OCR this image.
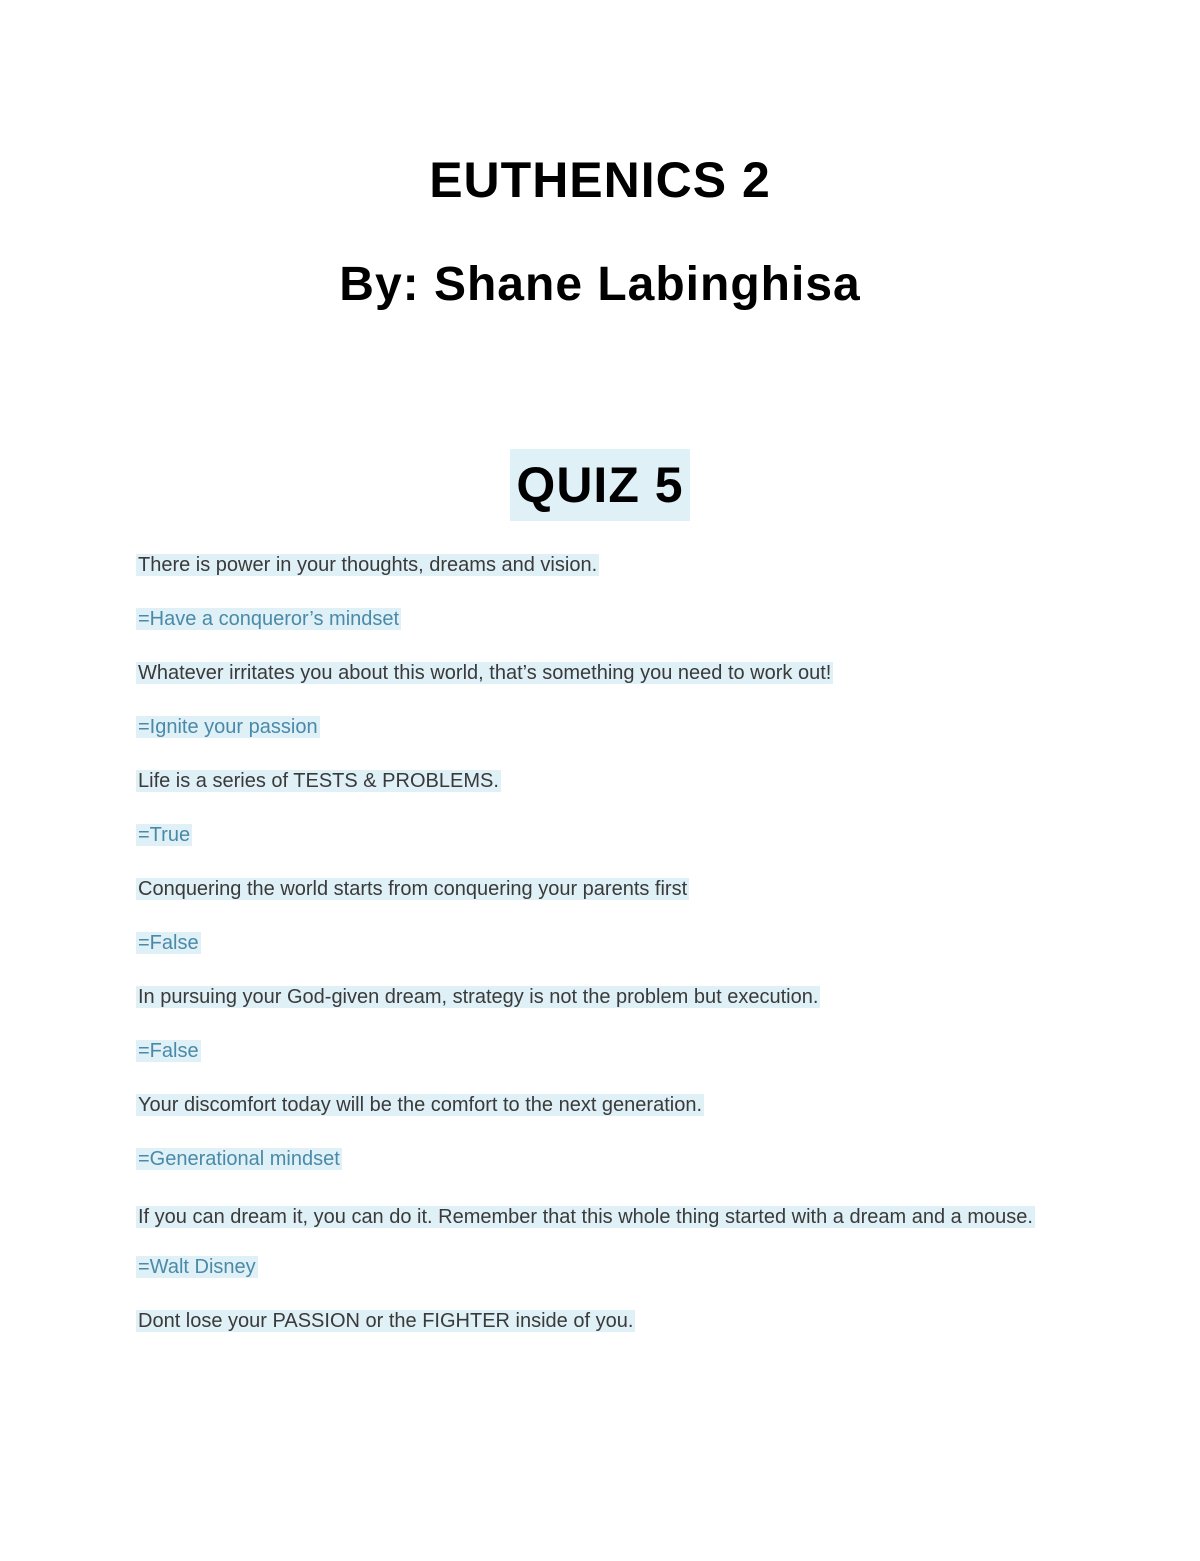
EUTHENICS 2
By: Shane Labinghisa
QUIZ 5
There is power in your thoughts, dreams and vision.
=Have a conqueror’s mindset
Whatever irritates you about this world, that’s something you need to work out!
=Ignite your passion
Life is a series of TESTS & PROBLEMS.
=True
Conquering the world starts from conquering your parents first
=False
In pursuing your God-given dream, strategy is not the problem but execution.
=False
Your discomfort today will be the comfort to the next generation.
=Generational mindset
If you can dream it, you can do it. Remember that this whole thing started with a dream and a mouse.
=Walt Disney
Dont lose your PASSION or the FIGHTER inside of you.
